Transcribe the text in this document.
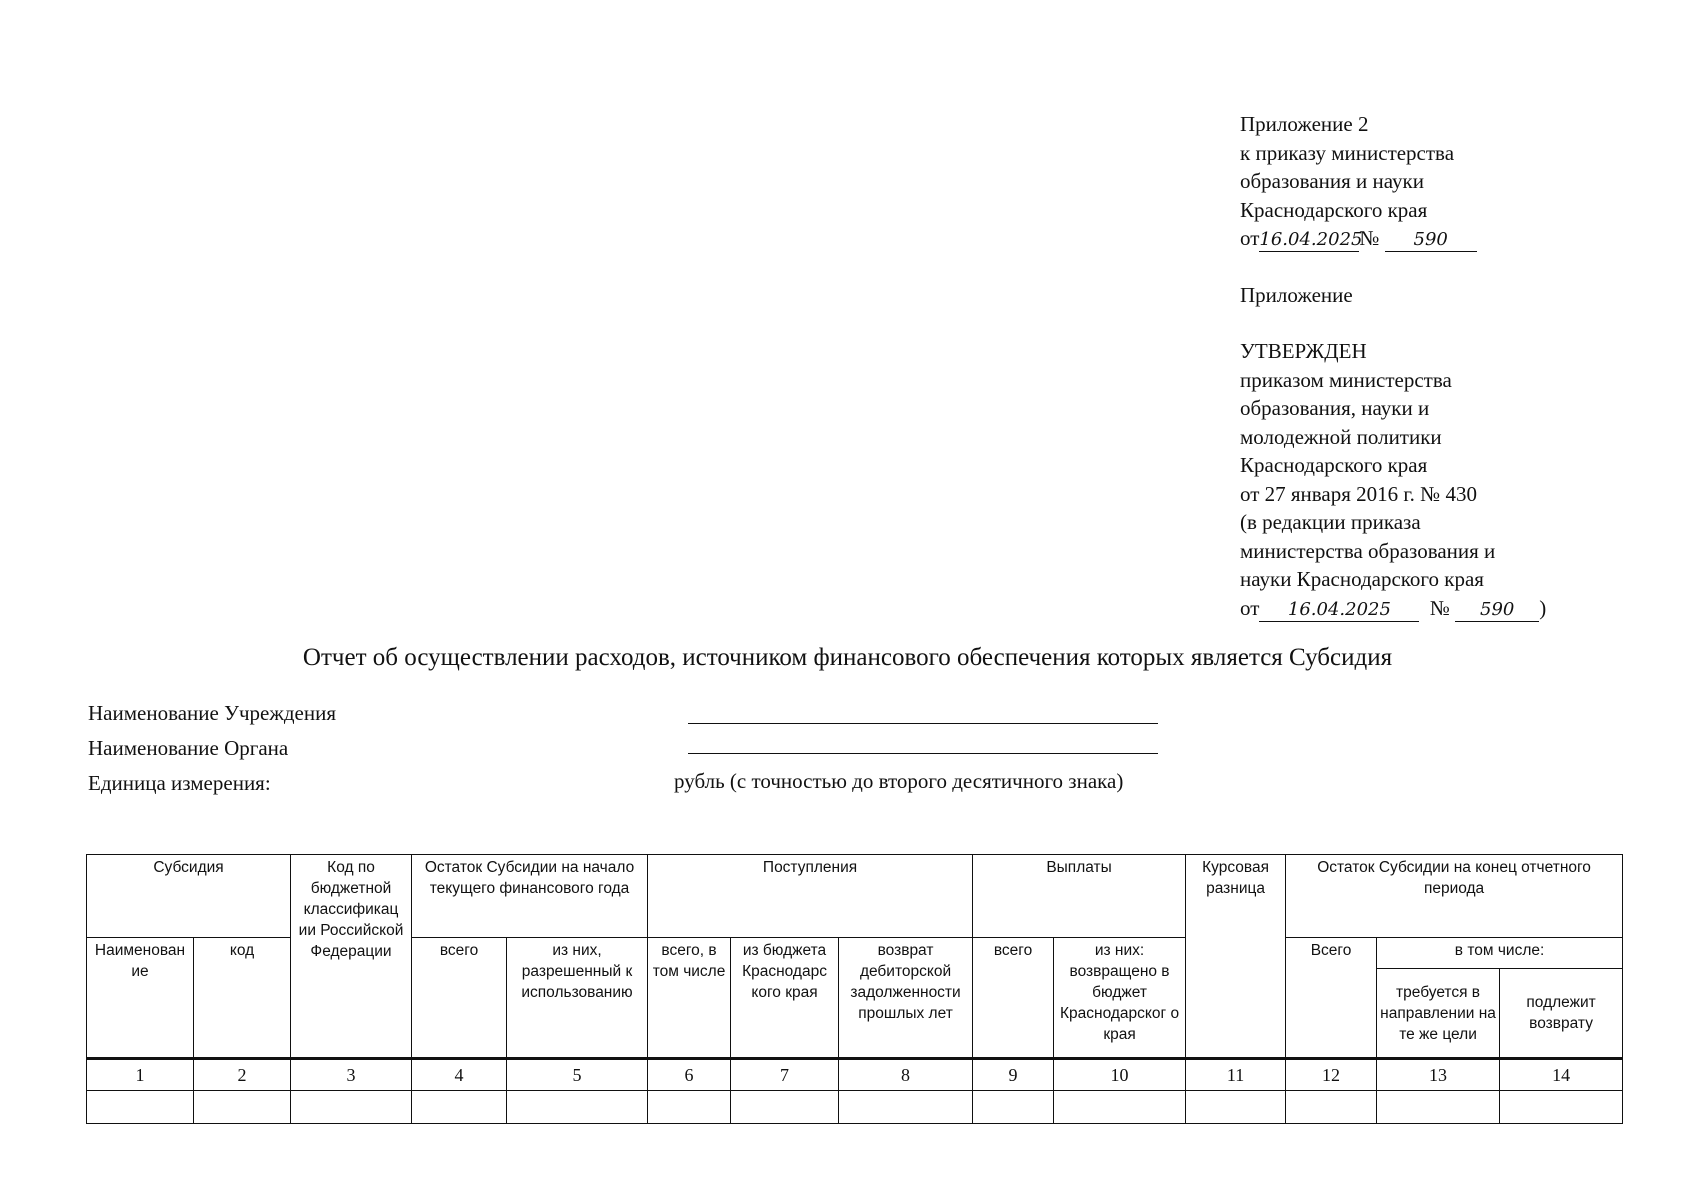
Приложение 2
к приказу министерства
образования и науки
Краснодарского края
от16.04.2025№ 590
Приложение
УТВЕРЖДЕН
приказом министерства
образования, науки и
молодежной политики
Краснодарского края
от 27 января 2016 г. № 430
(в редакции приказа
министерства образования и
науки Краснодарского края
от 16.04.2025 № 590 )
Отчет об осуществлении расходов, источником финансового обеспечения которых является Субсидия
Наименование Учреждения
Наименование Органа
Единица измерения:	рубль (с точностью до второго десятичного знака)
Субсидия		Код по бюджетной классификац ии Российской Федерации	Остаток Субсидии на начало текущего финансового года		Поступления			Выплаты		Курсовая разница	Остаток Субсидии на конец отчетного периода		
Наименован ие	код		всего	из них, разрешенный к использованию	всего, в том числе	из бюджета Краснодарс кого края	возврат дебиторской задолженности прошлых лет	всего	из них: возвращено в бюджет Краснодарског о края		Всего	в том числе:	
												требуется в направлении на те же цели	подлежит возврату
1	2	3	4	5	6	7	8	9	10	11	12	13	14
